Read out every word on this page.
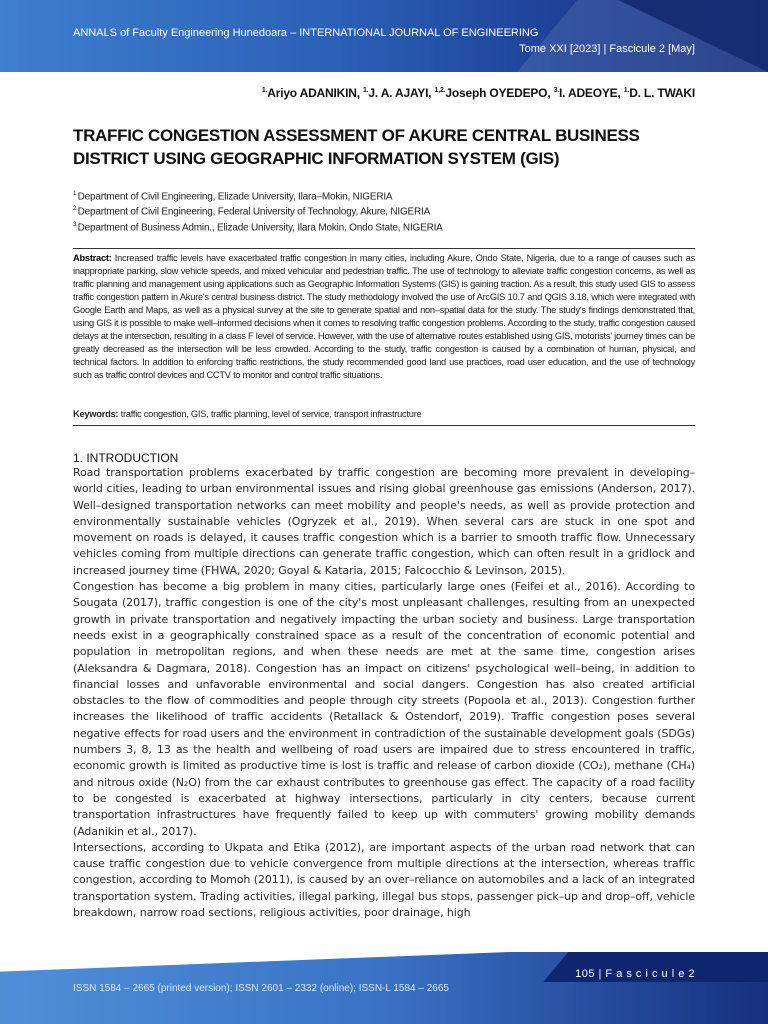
ANNALS of Faculty Engineering Hunedoara – INTERNATIONAL JOURNAL OF ENGINEERING
Tome XXI [2023] | Fascicule 2 [May]
$^{1.}$Ariyo ADANIKIN, $^{1.}$J. A. AJAYI, $^{1,2.}$Joseph OYEDEPO, $^{3.}$I. ADEOYE, $^{1.}$D. L. TWAKI
TRAFFIC CONGESTION ASSESSMENT OF AKURE CENTRAL BUSINESS DISTRICT USING GEOGRAPHIC INFORMATION SYSTEM (GIS)
$^{1.}$Department of Civil Engineering, Elizade University, Ilara–Mokin, NIGERIA
$^{2.}$Department of Civil Engineering, Federal University of Technology, Akure, NIGERIA
$^{3.}$Department of Business Admin., Elizade University, Ilara Mokin, Ondo State, NIGERIA

Abstract: Increased traffic levels have exacerbated traffic congestion in many cities, including Akure, Ondo State, Nigeria, due to a range of causes such as inappropriate parking, slow vehicle speeds, and mixed vehicular and pedestrian traffic. The use of technology to alleviate traffic congestion concerns, as well as traffic planning and management using applications such as Geographic Information Systems (GIS) is gaining traction. As a result, this study used GIS to assess traffic congestion pattern in Akure's central business district. The study methodology involved the use of ArcGIS 10.7 and QGIS 3.18, which were integrated with Google Earth and Maps, as well as a physical survey at the site to generate spatial and non–spatial data for the study. The study's findings demonstrated that, using GIS it is possible to make well–informed decisions when it comes to resolving traffic congestion problems. According to the study, traffic congestion caused delays at the intersection, resulting in a class F level of service. However, with the use of alternative routes established using GIS, motorists' journey times can be greatly decreased as the intersection will be less crowded. According to the study, traffic congestion is caused by a combination of human, physical, and technical factors. In addition to enforcing traffic restrictions, the study recommended good land use practices, road user education, and the use of technology such as traffic control devices and CCTV to monitor and control traffic situations.

Keywords: traffic congestion, GIS, traffic planning, level of service, transport infrastructure
1. INTRODUCTION

Road transportation problems exacerbated by traffic congestion are becoming more prevalent in developing–world cities, leading to urban environmental issues and rising global greenhouse gas emissions (Anderson, 2017). Well–designed transportation networks can meet mobility and people's needs, as well as provide protection and environmentally sustainable vehicles (Ogryzek et al., 2019). When several cars are stuck in one spot and movement on roads is delayed, it causes traffic congestion which is a barrier to smooth traffic flow. Unnecessary vehicles coming from multiple directions can generate traffic congestion, which can often result in a gridlock and increased journey time (FHWA, 2020; Goyal & Kataria, 2015; Falcocchio & Levinson, 2015).

Congestion has become a big problem in many cities, particularly large ones (Feifei et al., 2016). According to Sougata (2017), traffic congestion is one of the city's most unpleasant challenges, resulting from an unexpected growth in private transportation and negatively impacting the urban society and business. Large transportation needs exist in a geographically constrained space as a result of the concentration of economic potential and population in metropolitan regions, and when these needs are met at the same time, congestion arises (Aleksandra & Dagmara, 2018). Congestion has an impact on citizens' psychological well–being, in addition to financial losses and unfavorable environmental and social dangers. Congestion has also created artificial obstacles to the flow of commodities and people through city streets (Popoola et al., 2013). Congestion further increases the likelihood of traffic accidents (Retallack & Ostendorf, 2019). Traffic congestion poses several negative effects for road users and the environment in contradiction of the sustainable development goals (SDGs) numbers 3, 8, 13 as the health and wellbeing of road users are impaired due to stress encountered in traffic, economic growth is limited as productive time is lost is traffic and release of carbon dioxide (CO₂), methane (CH₄) and nitrous oxide (N₂O) from the car exhaust contributes to greenhouse gas effect. The capacity of a road facility to be congested is exacerbated at highway intersections, particularly in city centers, because current transportation infrastructures have frequently failed to keep up with commuters' growing mobility demands (Adanikin et al., 2017).

Intersections, according to Ukpata and Etika (2012), are important aspects of the urban road network that can cause traffic congestion due to vehicle convergence from multiple directions at the intersection, whereas traffic congestion, according to Momoh (2011), is caused by an over–reliance on automobiles and a lack of an integrated transportation system. Trading activities, illegal parking, illegal bus stops, passenger pick–up and drop–off, vehicle breakdown, narrow road sections, religious activities, poor drainage, high

105 | F a s c i c u l e 2
ISSN 1584 – 2665 (printed version); ISSN 2601 – 2332 (online); ISSN-L 1584 – 2665
